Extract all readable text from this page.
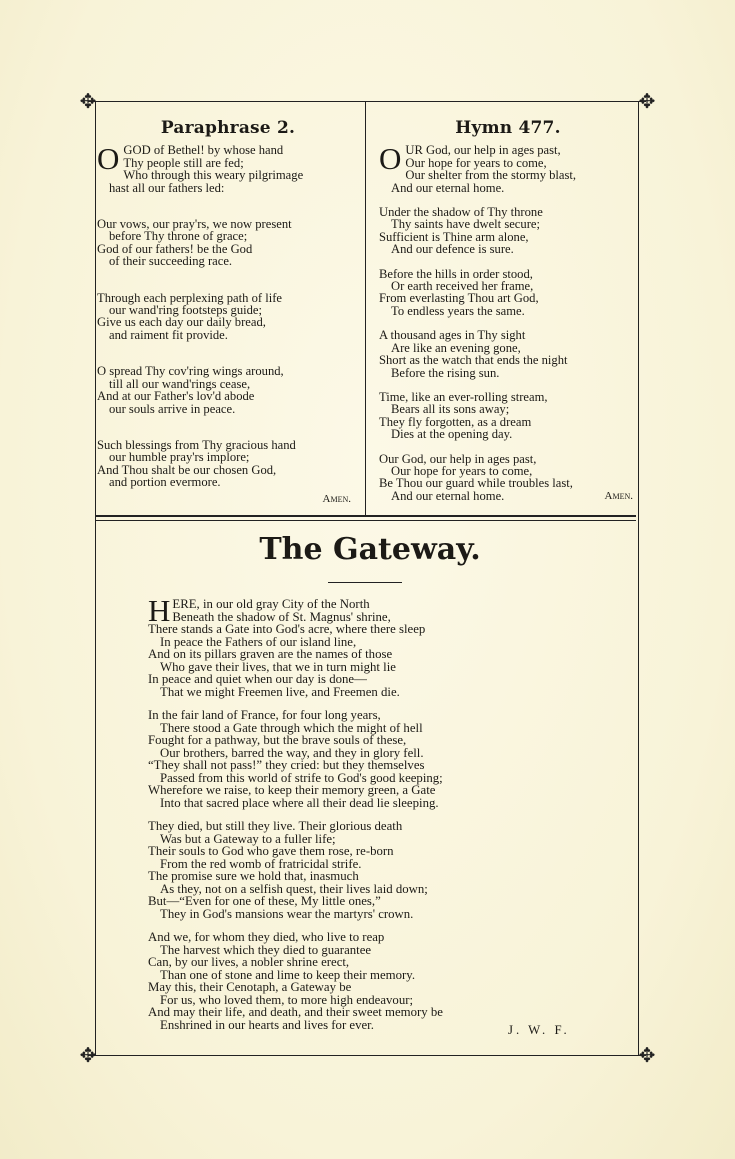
✥	✥
✥	✥
Paraphrase 2.
O GOD of Bethel! by whose hand
Thy people still are fed;
Who through this weary pilgrimage
hast all our fathers led:
Our vows, our pray'rs, we now present
before Thy throne of grace;
God of our fathers! be the God
of their succeeding race.
Through each perplexing path of life
our wand'ring footsteps guide;
Give us each day our daily bread,
and raiment fit provide.
O spread Thy cov'ring wings around,
till all our wand'rings cease,
And at our Father's lov'd abode
our souls arrive in peace.
Such blessings from Thy gracious hand
our humble pray'rs implore;
And Thou shalt be our chosen God,
and portion evermore.
Amen.
Hymn 477.
O UR God, our help in ages past,
Our hope for years to come,
Our shelter from the stormy blast,
And our eternal home.
Under the shadow of Thy throne
Thy saints have dwelt secure;
Sufficient is Thine arm alone,
And our defence is sure.
Before the hills in order stood,
Or earth received her frame,
From everlasting Thou art God,
To endless years the same.
A thousand ages in Thy sight
Are like an evening gone,
Short as the watch that ends the night
Before the rising sun.
Time, like an ever-rolling stream,
Bears all its sons away;
They fly forgotten, as a dream
Dies at the opening day.
Our God, our help in ages past,
Our hope for years to come,
Be Thou our guard while troubles last,
And our eternal home.	Amen.
The Gateway.
H ERE, in our old gray City of the North
Beneath the shadow of St. Magnus' shrine,
There stands a Gate into God's acre, where there sleep
In peace the Fathers of our island line,
And on its pillars graven are the names of those
Who gave their lives, that we in turn might lie
In peace and quiet when our day is done—
That we might Freemen live, and Freemen die.
In the fair land of France, for four long years,
There stood a Gate through which the might of hell
Fought for a pathway, but the brave souls of these,
Our brothers, barred the way, and they in glory fell.
“They shall not pass!” they cried: but they themselves
Passed from this world of strife to God's good keeping;
Wherefore we raise, to keep their memory green, a Gate
Into that sacred place where all their dead lie sleeping.
They died, but still they live. Their glorious death
Was but a Gateway to a fuller life;
Their souls to God who gave them rose, re-born
From the red womb of fratricidal strife.
The promise sure we hold that, inasmuch
As they, not on a selfish quest, their lives laid down;
But—“Even for one of these, My little ones,”
They in God's mansions wear the martyrs' crown.
And we, for whom they died, who live to reap
The harvest which they died to guarantee
Can, by our lives, a nobler shrine erect,
Than one of stone and lime to keep their memory.
May this, their Cenotaph, a Gateway be
For us, who loved them, to more high endeavour;
And may their life, and death, and their sweet memory be
Enshrined in our hearts and lives for ever.	J. W. F.
